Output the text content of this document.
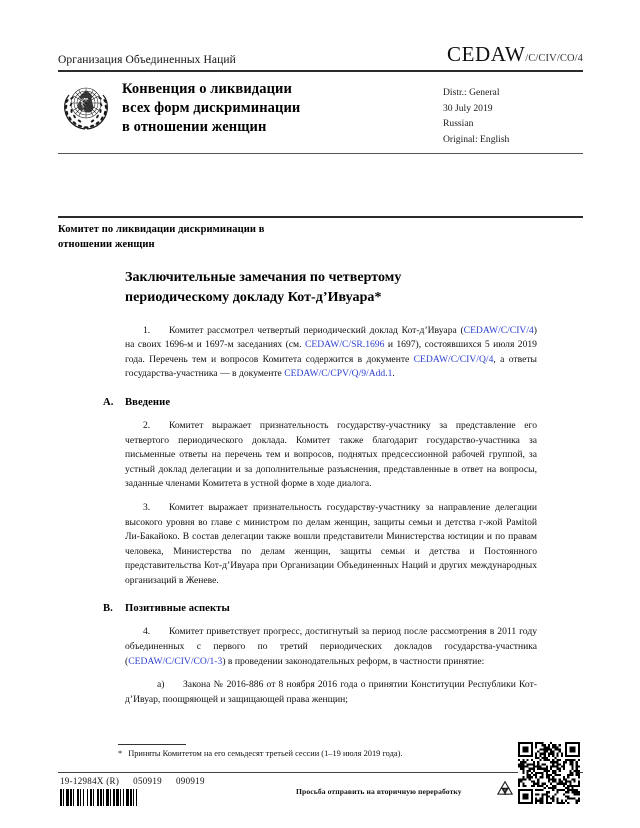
Организация Объединенных Наций	CEDAW/C/CIV/CO/4
Конвенция о ликвидации
всех форм дискриминации
в отношении женщин
Distr.: General
30 July 2019
Russian
Original: English
Комитет по ликвидации дискриминации в
отношении женщин
Заключительные замечания по четвертому
периодическому докладу Кот-д’Ивуара*
1. Комитет рассмотрел четвертый периодический доклад Кот-д’Ивуара (CEDAW/C/CIV/4) на своих 1696-м и 1697-м заседаниях (см. CEDAW/C/SR.1696 и 1697), состоявшихся 5 июля 2019 года. Перечень тем и вопросов Комитета содержится в документе CEDAW/C/CIV/Q/4, а ответы государства-участника — в документе CEDAW/C/CPV/Q/9/Add.1.
A. Введение
2. Комитет выражает признательность государству-участнику за представление его четвертого периодического доклада. Комитет также благодарит государство-участника за письменные ответы на перечень тем и вопросов, поднятых предсессионной рабочей группой, за устный доклад делегации и за дополнительные разъяснения, представленные в ответ на вопросы, заданные членами Комитета в устной форме в ходе диалога.
3. Комитет выражает признательность государству-участнику за направление делегации высокого уровня во главе с министром по делам женщин, защиты семьи и детства г-жой Рамitoй Ли-Бакайоко. В состав делегации также вошли представители Министерства юстиции и по правам человека, Министерства по делам женщин, защиты семьи и детства и Постоянного представительства Кот-д’Ивуара при Организации Объединенных Наций и других международных организаций в Женеве.
B. Позитивные аспекты
4. Комитет приветствует прогресс, достигнутый за период после рассмотрения в 2011 году объединенных с первого по третий периодических докладов государства-участника (CEDAW/C/CIV/CO/1-3) в проведении законодательных реформ, в частности принятие:
a) Закона № 2016-886 от 8 ноября 2016 года о принятии Конституции Республики Кот-д’Ивуар, поощряющей и защищающей права женщин;
* Приняты Комитетом на его семьдесят третьей сессии (1–19 июля 2019 года).
19-12984X (R) 050919 090919
Просьба отправить на вторичную переработку
